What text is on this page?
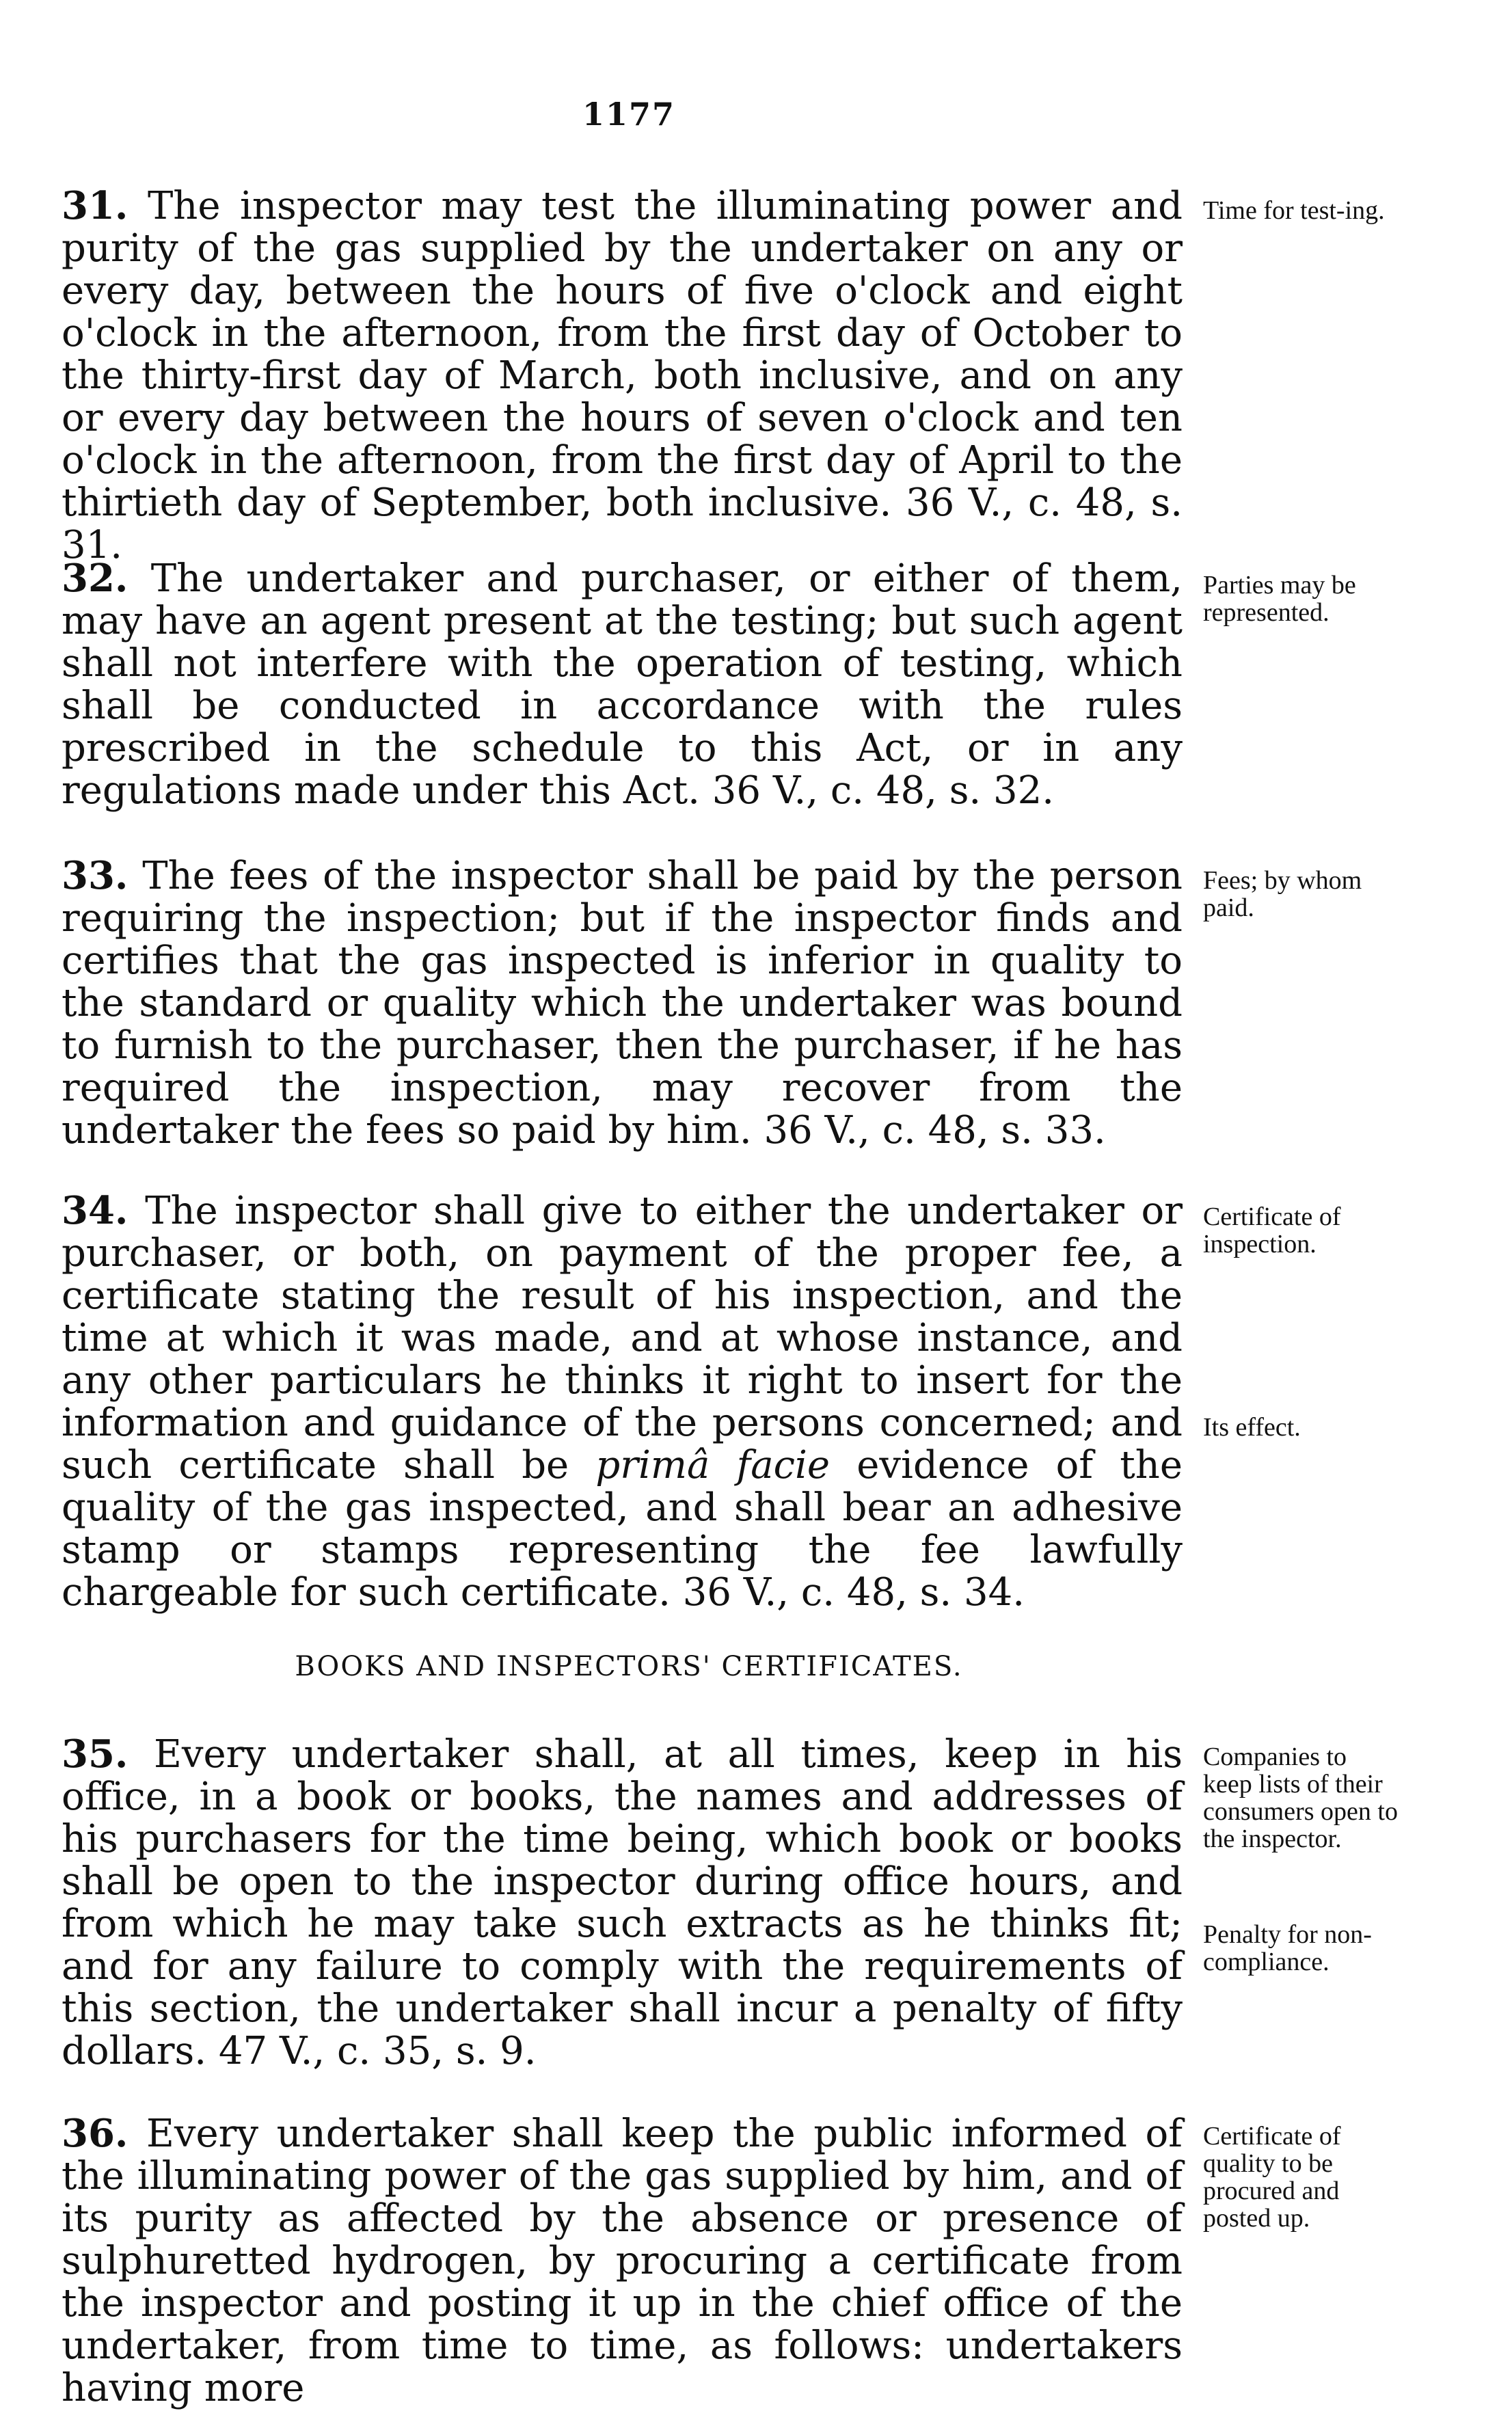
1177

31. The inspector may test the illuminating power and purity of the gas supplied by the undertaker on any or every day, between the hours of five o'clock and eight o'clock in the afternoon, from the first day of October to the thirty-first day of March, both inclusive, and on any or every day between the hours of seven o'clock and ten o'clock in the afternoon, from the first day of April to the thirtieth day of September, both inclusive. 36 V., c. 48, s. 31.

Time for test-ing.

32. The undertaker and purchaser, or either of them, may have an agent present at the testing; but such agent shall not interfere with the operation of testing, which shall be conducted in accordance with the rules prescribed in the schedule to this Act, or in any regulations made under this Act. 36 V., c. 48, s. 32.

Parties may be represented.

33. The fees of the inspector shall be paid by the person requiring the inspection; but if the inspector finds and certifies that the gas inspected is inferior in quality to the standard or quality which the undertaker was bound to furnish to the purchaser, then the purchaser, if he has required the inspection, may recover from the undertaker the fees so paid by him. 36 V., c. 48, s. 33.

Fees; by whom paid.

34. The inspector shall give to either the undertaker or purchaser, or both, on payment of the proper fee, a certificate stating the result of his inspection, and the time at which it was made, and at whose instance, and any other particulars he thinks it right to insert for the information and guidance of the persons concerned; and such certificate shall be primâ facie evidence of the quality of the gas inspected, and shall bear an adhesive stamp or stamps representing the fee lawfully chargeable for such certificate. 36 V., c. 48, s. 34.

Certificate of inspection.
Its effect.
BOOKS AND INSPECTORS' CERTIFICATES.

35. Every undertaker shall, at all times, keep in his office, in a book or books, the names and addresses of his purchasers for the time being, which book or books shall be open to the inspector during office hours, and from which he may take such extracts as he thinks fit; and for any failure to comply with the requirements of this section, the undertaker shall incur a penalty of fifty dollars. 47 V., c. 35, s. 9.

Companies to keep lists of their consumers open to the inspector.
Penalty for non-compliance.

36. Every undertaker shall keep the public informed of the illuminating power of the gas supplied by him, and of its purity as affected by the absence or presence of sulphuretted hydrogen, by procuring a certificate from the inspector and posting it up in the chief office of the undertaker, from time to time, as follows: undertakers having more

Certificate of quality to be procured and posted up.
